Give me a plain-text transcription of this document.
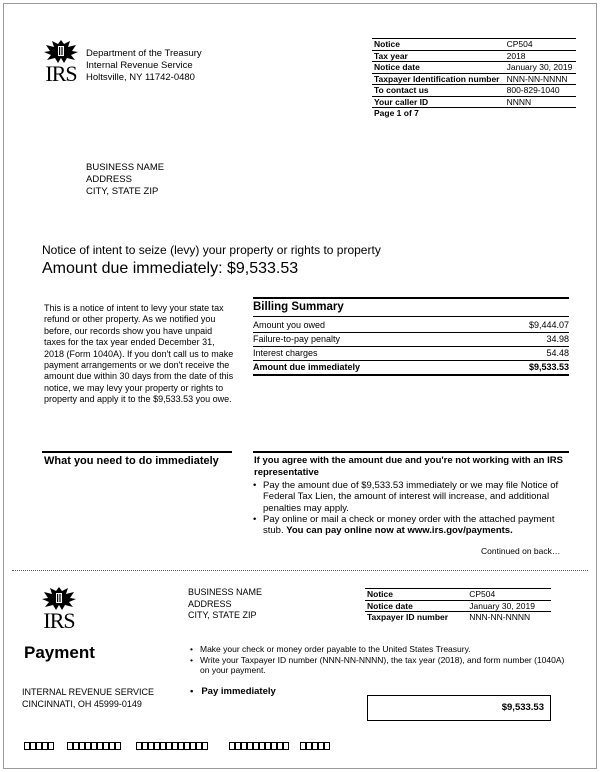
IRS
Department of the Treasury
Internal Revenue Service
Holtsville, NY 11742-0480
Notice	CP504
Tax year	2018
Notice date	January 30, 2019
Taxpayer Identification number	NNN-NN-NNNN
To contact us	800-829-1040
Your caller ID	NNNN
Page 1 of 7	
BUSINESS NAME
ADDRESS
CITY, STATE ZIP
Notice of intent to seize (levy) your property or rights to property
Amount due immediately: $9,533.53
This is a notice of intent to levy your state tax refund or other property. As we notified you before, our records show you have unpaid taxes for the tax year ended December 31, 2018 (Form 1040A). If you don't call us to make payment arrangements or we don't receive the amount due within 30 days from the date of this notice, we may levy your property or rights to property and apply it to the $9,533.53 you owe.
Billing Summary
Amount you owed	$9,444.07
Failure-to-pay penalty	34.98
Interest charges	54.48
Amount due immediately	$9,533.53
What you need to do immediately	If you agree with the amount due and you're not working with an IRS representative
• Pay the amount due of $9,533.53 immediately or we may file Notice of Federal Tax Lien, the amount of interest will increase, and additional penalties may apply.
• Pay online or mail a check or money order with the attached payment stub. You can pay online now at www.irs.gov/payments.
Continued on back…
IRS
BUSINESS NAME
ADDRESS
CITY, STATE ZIP
Notice	CP504
Notice date	January 30, 2019
Taxpayer ID number	NNN-NN-NNNN
Payment	• Make your check or money order payable to the United States Treasury.
• Write your Taxpayer ID number (NNN-NN-NNNN), the tax year (2018), and form number (1040A) on your payment.
INTERNAL REVENUE SERVICE
CINCINNATI, OH 45999-0149
• Pay immediately
$9,533.53
